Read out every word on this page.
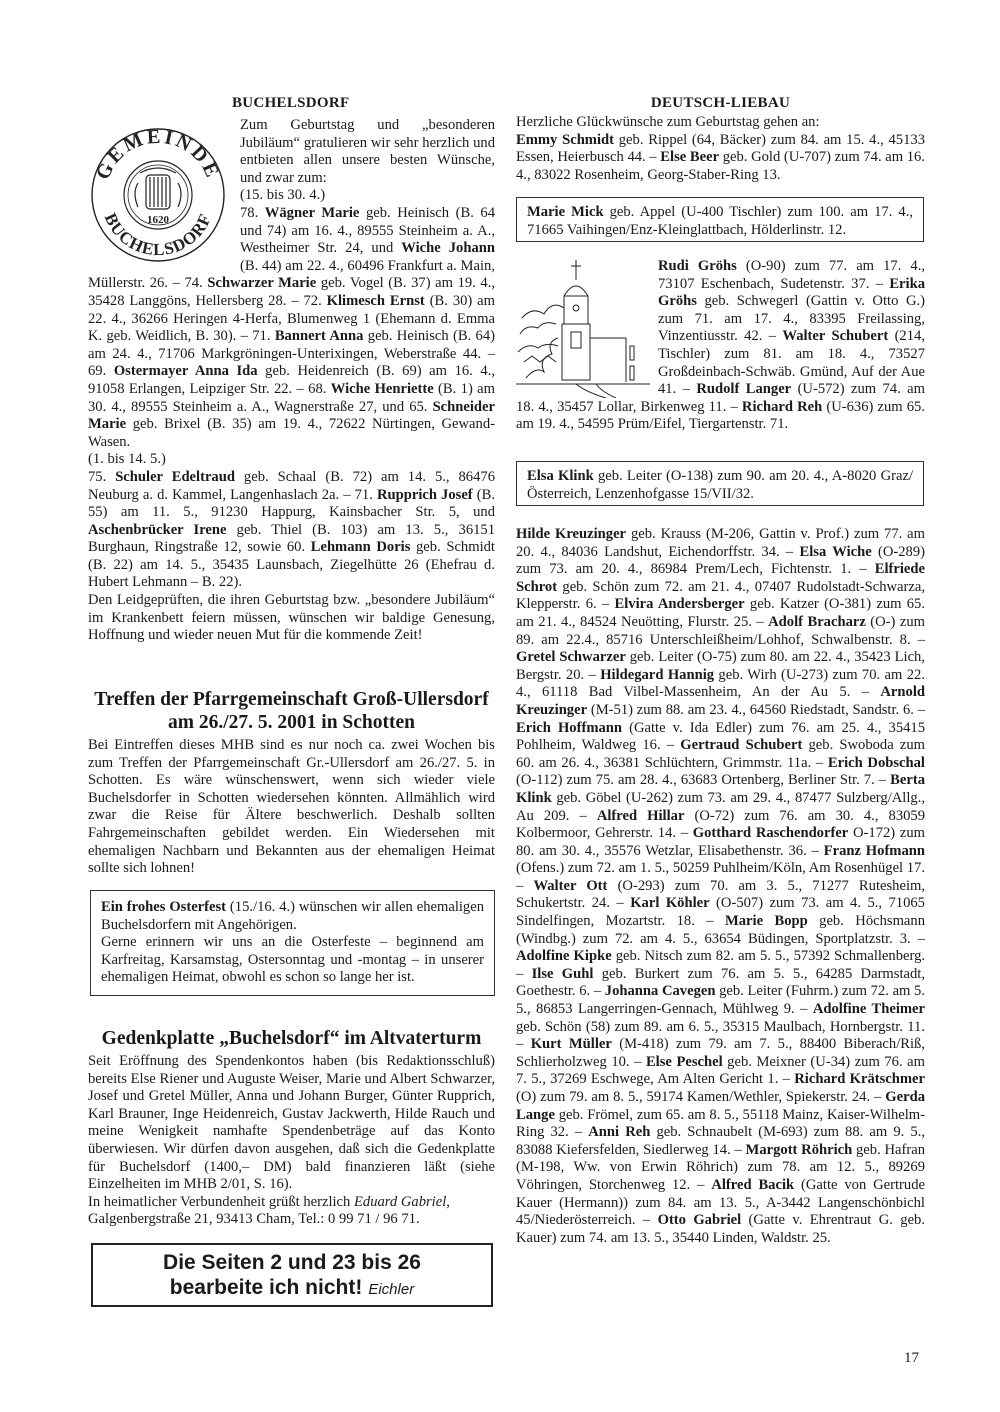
GEMEINDE
BUCHELSDORF
1620
BUCHELSDORF

Zum Geburtstag und „besonderen Jubiläum“ gratulieren wir sehr herzlich und entbieten allen unsere besten Wünsche, und zwar zum:

(15. bis 30. 4.)

78. Wägner Marie geb. Heinisch (B. 64 und 74) am 16. 4., 89555 Steinheim a. A., Westheimer Str. 24, und Wiche Johann (B. 44) am 22. 4., 60496 Frankfurt a. Main, Müllerstr. 26. – 74. Schwarzer Marie geb. Vogel (B. 37) am 19. 4., 35428 Langgöns, Hellersberg 28. – 72. Klimesch Ernst (B. 30) am 22. 4., 36266 Heringen 4-Herfa, Blumenweg 1 (Ehemann d. Emma K. geb. Weidlich, B. 30). – 71. Bannert Anna geb. Heinisch (B. 64) am 24. 4., 71706 Markgröningen-Unterixingen, Weberstraße 44. – 69. Ostermayer Anna Ida geb. Heidenreich (B. 69) am 16. 4., 91058 Erlangen, Leipziger Str. 22. – 68. Wiche Henriette (B. 1) am 30. 4., 89555 Steinheim a. A., Wagnerstraße 27, und 65. Schneider Marie geb. Brixel (B. 35) am 19. 4., 72622 Nürtingen, Gewand-Wasen.

(1. bis 14. 5.)

75. Schuler Edeltraud geb. Schaal (B. 72) am 14. 5., 86476 Neuburg a. d. Kammel, Langenhaslach 2a. – 71. Rupprich Josef (B. 55) am 11. 5., 91230 Happurg, Kainsbacher Str. 5, und Aschenbrücker Irene geb. Thiel (B. 103) am 13. 5., 36151 Burghaun, Ringstraße 12, sowie 60. Lehmann Doris geb. Schmidt (B. 22) am 14. 5., 35435 Launsbach, Ziegelhütte 26 (Ehefrau d. Hubert Lehmann – B. 22).

Den Leidgeprüften, die ihren Geburtstag bzw. „besondere Jubiläum“ im Krankenbett feiern müssen, wünschen wir baldige Genesung, Hoffnung und wieder neuen Mut für die kommende Zeit!

Treffen der Pfarrgemeinschaft Groß-Ullersdorf
am 26./27. 5. 2001 in Schotten

Bei Eintreffen dieses MHB sind es nur noch ca. zwei Wochen bis zum Treffen der Pfarrgemeinschaft Gr.-Ullersdorf am 26./27. 5. in Schotten. Es wäre wünschenswert, wenn sich wieder viele Buchelsdorfer in Schotten wiedersehen könnten. Allmählich wird zwar die Reise für Ältere beschwerlich. Deshalb sollten Fahrgemeinschaften gebildet werden. Ein Wiedersehen mit ehemaligen Nachbarn und Bekannten aus der ehemaligen Heimat sollte sich lohnen!

Ein frohes Osterfest (15./16. 4.) wünschen wir allen ehemaligen Buchelsdorfern mit Angehörigen.

Gerne erinnern wir uns an die Osterfeste – beginnend am Karfreitag, Karsamstag, Ostersonntag und -montag – in unserer ehemaligen Heimat, obwohl es schon so lange her ist.

Gedenkplatte „Buchelsdorf“ im Altvaterturm

Seit Eröffnung des Spendenkontos haben (bis Redaktionsschluß) bereits Else Riener und Auguste Weiser, Marie und Albert Schwarzer, Josef und Gretel Müller, Anna und Johann Burger, Günter Rupprich, Karl Brauner, Inge Heidenreich, Gustav Jackwerth, Hilde Rauch und meine Wenigkeit namhafte Spendenbeträge auf das Konto überwiesen. Wir dürfen davon ausgehen, daß sich die Gedenkplatte für Buchelsdorf (1400,– DM) bald finanzieren läßt (siehe Einzelheiten im MHB 2/01, S. 16).

In heimatlicher Verbundenheit grüßt herzlich Eduard Gabriel,

Galgenbergstraße 21, 93413 Cham, Tel.: 0 99 71 / 96 71.

Die Seiten 2 und 23 bis 26
bearbeite ich nicht! Eichler
DEUTSCH-LIEBAU

Herzliche Glückwünsche zum Geburtstag gehen an:

Emmy Schmidt geb. Rippel (64, Bäcker) zum 84. am 15. 4., 45133 Essen, Heierbusch 44. – Else Beer geb. Gold (U-707) zum 74. am 16. 4., 83022 Rosenheim, Georg-Staber-Ring 13.

Marie Mick geb. Appel (U-400 Tischler) zum 100. am 17. 4., 71665 Vaihingen/Enz-Kleinglattbach, Hölderlinstr. 12.

Rudi Gröhs (O-90) zum 77. am 17. 4., 73107 Eschenbach, Sudetenstr. 37. – Erika Gröhs geb. Schwegerl (Gattin v. Otto G.) zum 71. am 17. 4., 83395 Freilassing, Vinzentiusstr. 42. – Walter Schubert (214, Tischler) zum 81. am 18. 4., 73527 Großdeinbach-Schwäb. Gmünd, Auf der Aue 41. – Rudolf Langer (U-572) zum 74. am 18. 4., 35457 Lollar, Birkenweg 11. – Richard Reh (U-636) zum 65. am 19. 4., 54595 Prüm/Eifel, Tiergartenstr. 71.

Elsa Klink geb. Leiter (O-138) zum 90. am 20. 4., A-8020 Graz/Österreich, Lenzenhofgasse 15/VII/32.

Hilde Kreuzinger geb. Krauss (M-206, Gattin v. Prof.) zum 77. am 20. 4., 84036 Landshut, Eichendorffstr. 34. – Elsa Wiche (O-289) zum 73. am 20. 4., 86984 Prem/Lech, Fichtenstr. 1. – Elfriede Schrot geb. Schön zum 72. am 21. 4., 07407 Rudolstadt-Schwarza, Klepperstr. 6. – Elvira Andersberger geb. Katzer (O-381) zum 65. am 21. 4., 84524 Neuötting, Flurstr. 25. – Adolf Bracharz (O-) zum 89. am 22.4., 85716 Unterschleißheim/Lohhof, Schwalbenstr. 8. – Gretel Schwarzer geb. Leiter (O-75) zum 80. am 22. 4., 35423 Lich, Bergstr. 20. – Hildegard Hannig geb. Wirh (U-273) zum 70. am 22. 4., 61118 Bad Vilbel-Massenheim, An der Au 5. – Arnold Kreuzinger (M-51) zum 88. am 23. 4., 64560 Riedstadt, Sandstr. 6. – Erich Hoffmann (Gatte v. Ida Edler) zum 76. am 25. 4., 35415 Pohlheim, Waldweg 16. – Gertraud Schubert geb. Swoboda zum 60. am 26. 4., 36381 Schlüchtern, Grimmstr. 11a. – Erich Dobschal (O-112) zum 75. am 28. 4., 63683 Ortenberg, Berliner Str. 7. – Berta Klink geb. Göbel (U-262) zum 73. am 29. 4., 87477 Sulzberg/Allg., Au 209. – Alfred Hillar (O-72) zum 76. am 30. 4., 83059 Kolbermoor, Gehrerstr. 14. – Gotthard Raschendorfer O-172) zum 80. am 30. 4., 35576 Wetzlar, Elisabethenstr. 36. – Franz Hofmann (Ofens.) zum 72. am 1. 5., 50259 Puhlheim/Köln, Am Rosenhügel 17. – Walter Ott (O-293) zum 70. am 3. 5., 71277 Rutesheim, Schukertstr. 24. – Karl Köhler (O-507) zum 73. am 4. 5., 71065 Sindelfingen, Mozartstr. 18. – Marie Bopp geb. Höchsmann (Windbg.) zum 72. am 4. 5., 63654 Büdingen, Sportplatzstr. 3. – Adolfine Kipke geb. Nitsch zum 82. am 5. 5., 57392 Schmallenberg. – Ilse Guhl geb. Burkert zum 76. am 5. 5., 64285 Darmstadt, Goethestr. 6. – Johanna Cavegen geb. Leiter (Fuhrm.) zum 72. am 5. 5., 86853 Langerringen-Gennach, Mühlweg 9. – Adolfine Theimer geb. Schön (58) zum 89. am 6. 5., 35315 Maulbach, Hornbergstr. 11. – Kurt Müller (M-418) zum 79. am 7. 5., 88400 Biberach/Riß, Schlierholzweg 10. – Else Peschel geb. Meixner (U-34) zum 76. am 7. 5., 37269 Eschwege, Am Alten Gericht 1. – Richard Krätschmer (O) zum 79. am 8. 5., 59174 Kamen/Wethler, Spiekerstr. 24. – Gerda Lange geb. Frömel, zum 65. am 8. 5., 55118 Mainz, Kaiser-Wilhelm-Ring 32. – Anni Reh geb. Schnaubelt (M-693) zum 88. am 9. 5., 83088 Kiefersfelden, Siedlerweg 14. – Margott Röhrich geb. Hafran (M-198, Ww. von Erwin Röhrich) zum 78. am 12. 5., 89269 Vöhringen, Storchenweg 12. – Alfred Bacik (Gatte von Gertrude Kauer (Hermann)) zum 84. am 13. 5., A-3442 Langenschönbichl 45/Niederösterreich. – Otto Gabriel (Gatte v. Ehrentraut G. geb. Kauer) zum 74. am 13. 5., 35440 Linden, Waldstr. 25.

17
